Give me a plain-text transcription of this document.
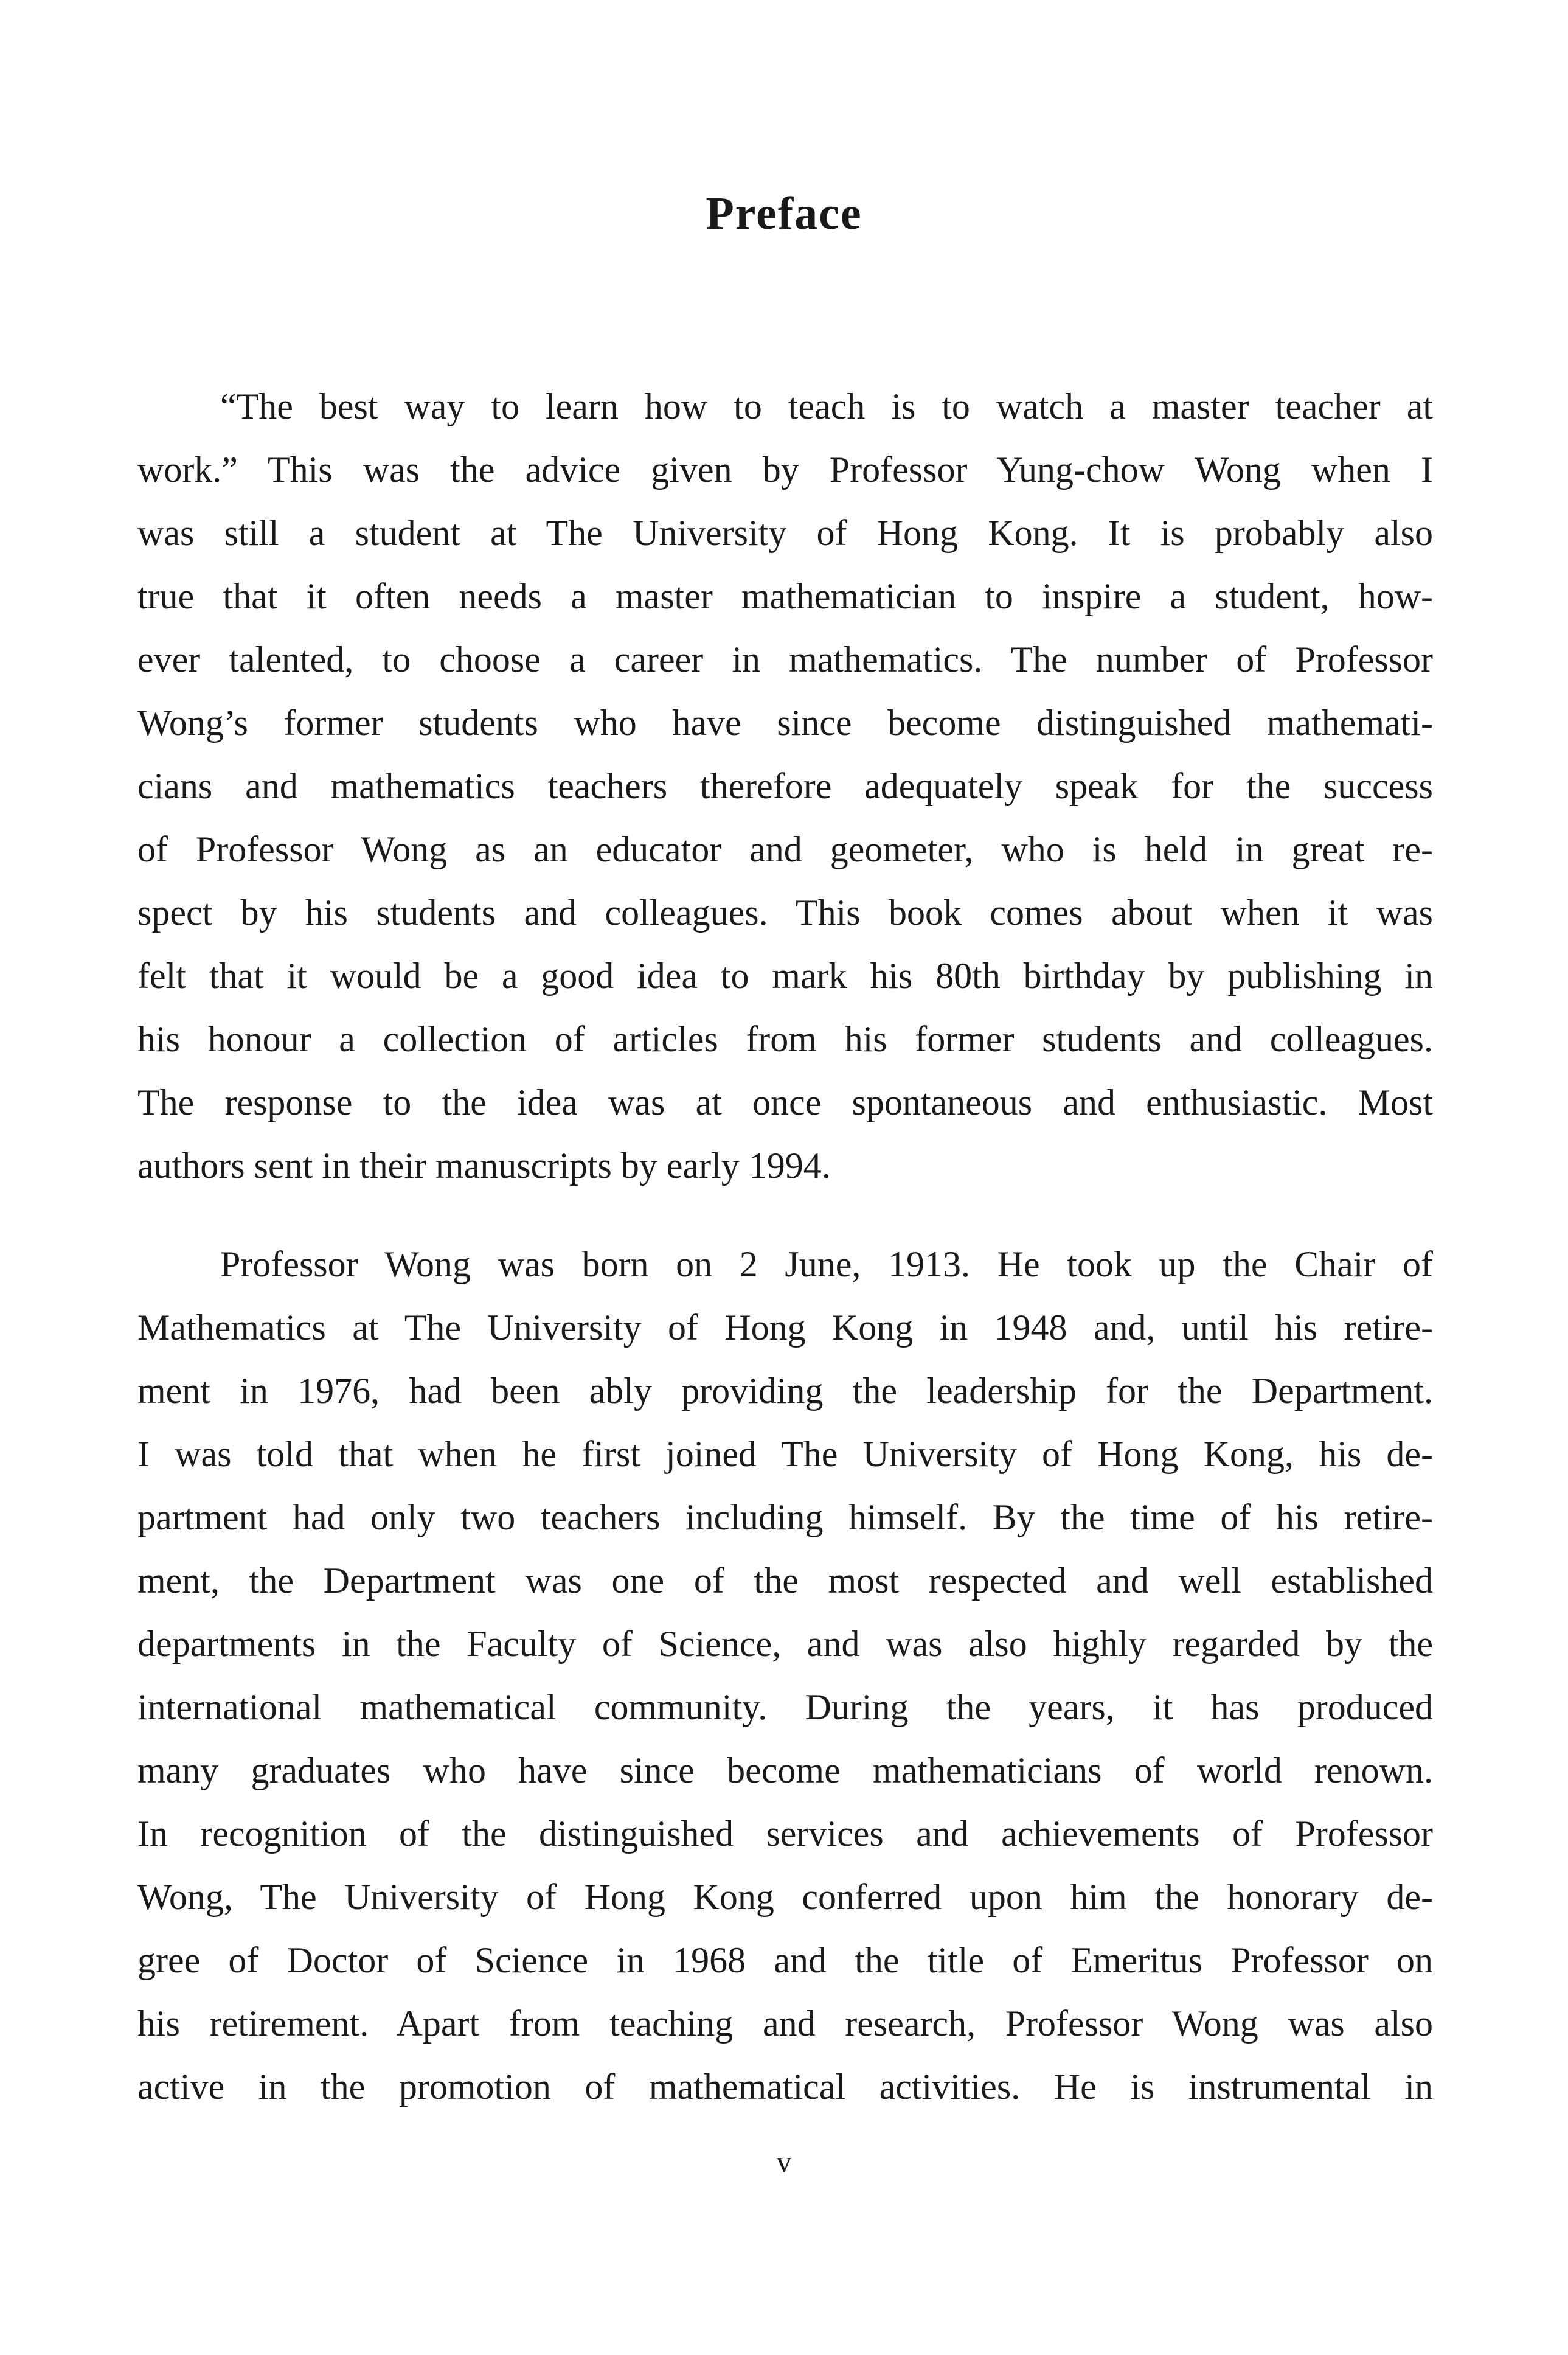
Preface

“The best way to learn how to teach is to watch a master teacher at
work.” This was the advice given by Professor Yung-chow Wong when I
was still a student at The University of Hong Kong. It is probably also
true that it often needs a master mathematician to inspire a student, how-
ever talented, to choose a career in mathematics. The number of Professor
Wong’s former students who have since become distinguished mathemati-
cians and mathematics teachers therefore adequately speak for the success
of Professor Wong as an educator and geometer, who is held in great re-
spect by his students and colleagues. This book comes about when it was
felt that it would be a good idea to mark his 80th birthday by publishing in
his honour a collection of articles from his former students and colleagues.
The response to the idea was at once spontaneous and enthusiastic. Most
authors sent in their manuscripts by early 1994.

Professor Wong was born on 2 June, 1913. He took up the Chair of
Mathematics at The University of Hong Kong in 1948 and, until his retire-
ment in 1976, had been ably providing the leadership for the Department.
I was told that when he first joined The University of Hong Kong, his de-
partment had only two teachers including himself. By the time of his retire-
ment, the Department was one of the most respected and well established
departments in the Faculty of Science, and was also highly regarded by the
international mathematical community. During the years, it has produced
many graduates who have since become mathematicians of world renown.
In recognition of the distinguished services and achievements of Professor
Wong, The University of Hong Kong conferred upon him the honorary de-
gree of Doctor of Science in 1968 and the title of Emeritus Professor on
his retirement. Apart from teaching and research, Professor Wong was also
active in the promotion of mathematical activities. He is instrumental in

v
